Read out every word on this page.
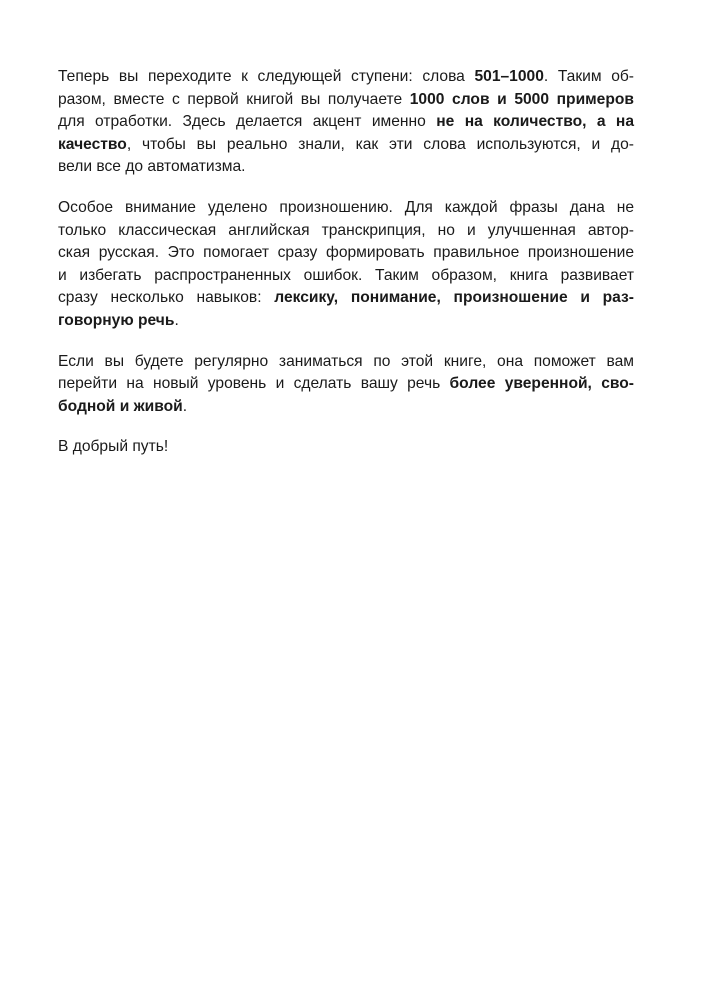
Теперь вы переходите к следующей ступени: слова 501–1000. Таким об-
разом, вместе с первой книгой вы получаете 1000 слов и 5000 примеров
для отработки. Здесь делается акцент именно не на количество, а на
качество, чтобы вы реально знали, как эти слова используются, и до-
вели все до автоматизма.

Особое внимание уделено произношению. Для каждой фразы дана не
только классическая английская транскрипция, но и улучшенная автор-
ская русская. Это помогает сразу формировать правильное произношение
и избегать распространенных ошибок. Таким образом, книга развивает
сразу несколько навыков: лексику, понимание, произношение и раз-
говорную речь.

Если вы будете регулярно заниматься по этой книге, она поможет вам
перейти на новый уровень и сделать вашу речь более уверенной, сво-
бодной и живой.

В добрый путь!
